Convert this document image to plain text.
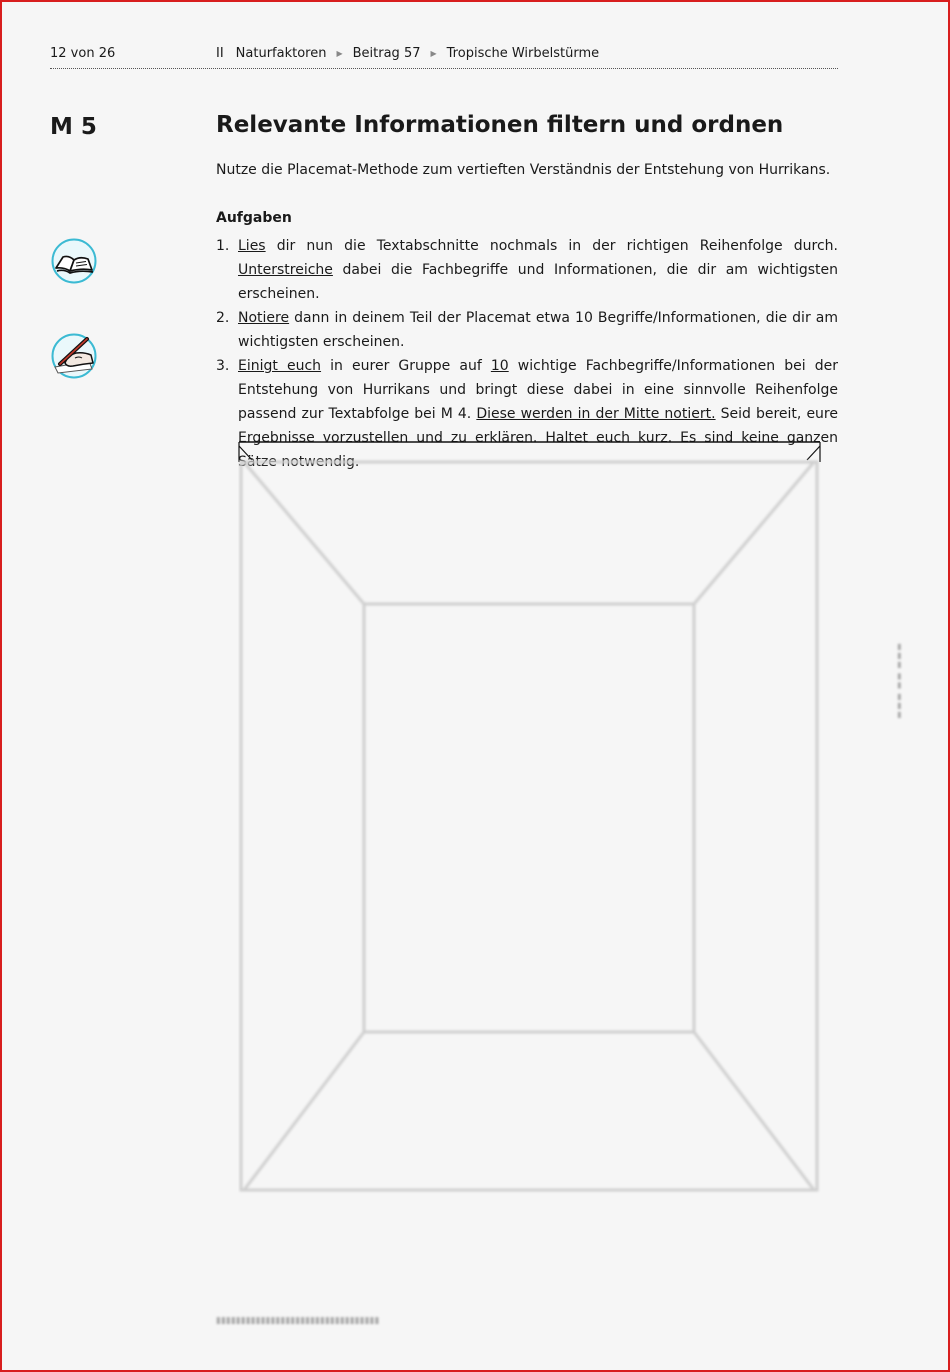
12 von 26	II Naturfaktoren ▶ Beitrag 57 ▶ Tropische Wirbelstürme
M 5	Relevante Informationen filtern und ordnen

Nutze die Placemat-Methode zum vertieften Verständnis der Entstehung von Hurrikans.

Aufgaben
1. Lies dir nun die Textabschnitte nochmals in der richtigen Reihenfolge durch. Unterstreiche dabei die Fachbegriffe und Informationen, die dir am wichtigsten erscheinen.
2. Notiere dann in deinem Teil der Placemat etwa 10 Begriffe/Informationen, die dir am wichtigsten erscheinen.
3. Einigt euch in eurer Gruppe auf 10 wichtige Fachbegriffe/Informationen bei der Entstehung von Hurrikans und bringt diese dabei in eine sinnvolle Reihenfolge passend zur Textabfolge bei M 4. Diese werden in der Mitte notiert. Seid bereit, eure Ergebnisse vorzustellen und zu erklären. Haltet euch kurz. Es sind keine ganzen Sätze notwendig.
▮▮▮ ▮▮ ▮▮▮
▮▮▮▮▮▮▮▮▮▮▮▮▮▮▮▮▮▮▮▮▮▮▮▮▮▮▮▮▮▮▮▮▮
